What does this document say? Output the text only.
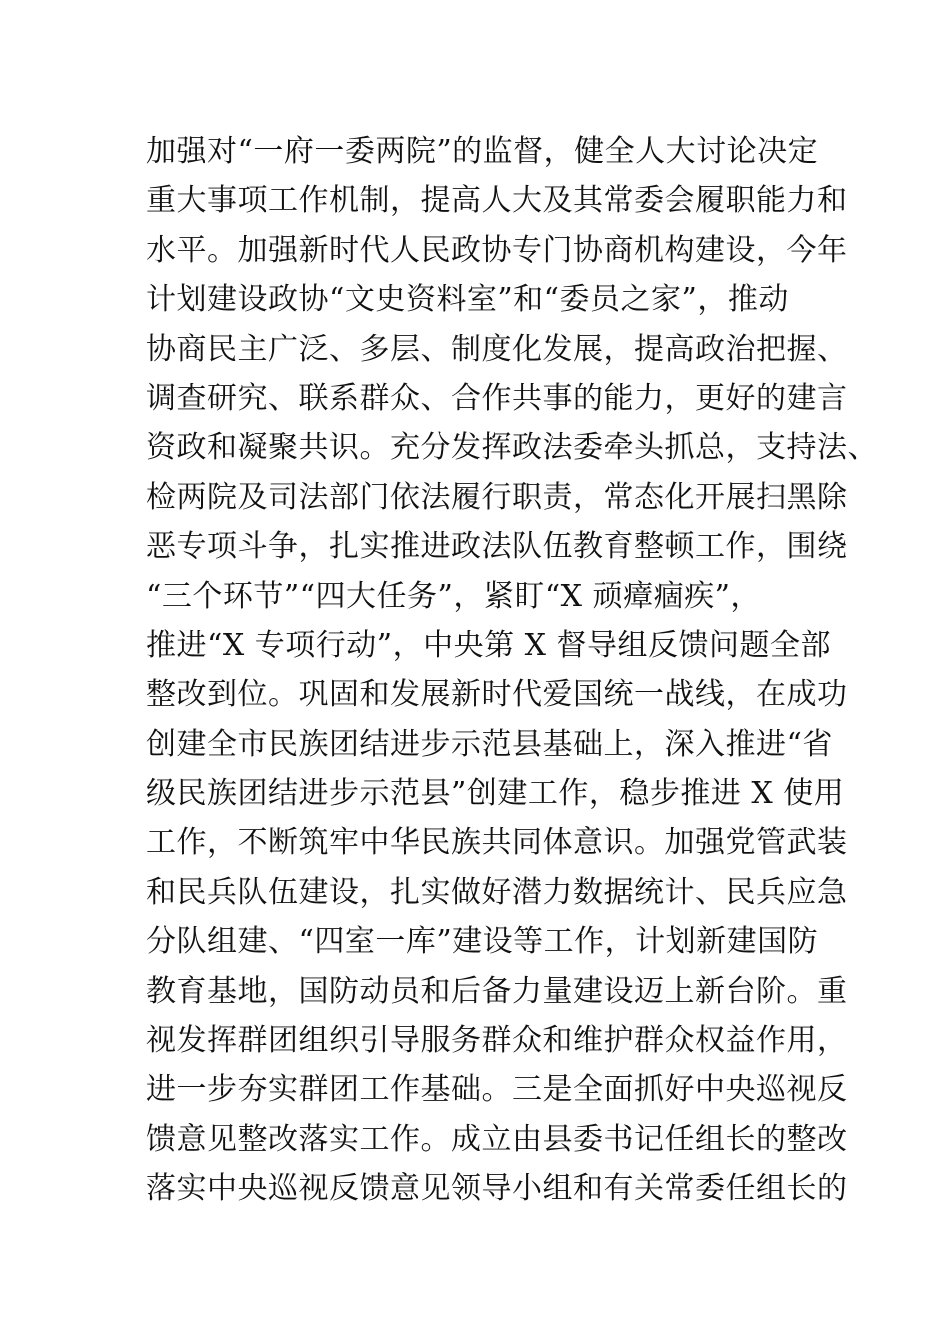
加强对“一府一委两院”的监督，健全人大讨论决定
重大事项工作机制，提高人大及其常委会履职能力和
水平。加强新时代人民政协专门协商机构建设，今年
计划建设政协“文史资料室”和“委员之家”，推动
协商民主广泛、多层、制度化发展，提高政治把握、
调查研究、联系群众、合作共事的能力，更好的建言
资政和凝聚共识。充分发挥政法委牵头抓总，支持法、
检两院及司法部门依法履行职责，常态化开展扫黑除
恶专项斗争，扎实推进政法队伍教育整顿工作，围绕
“三个环节”“四大任务”，紧盯“X 顽瘴痼疾”，
推进“X 专项行动”，中央第 X 督导组反馈问题全部
整改到位。巩固和发展新时代爱国统一战线，在成功
创建全市民族团结进步示范县基础上，深入推进“省
级民族团结进步示范县”创建工作，稳步推进 X 使用
工作，不断筑牢中华民族共同体意识。加强党管武装
和民兵队伍建设，扎实做好潜力数据统计、民兵应急
分队组建、“四室一库”建设等工作，计划新建国防
教育基地，国防动员和后备力量建设迈上新台阶。重
视发挥群团组织引导服务群众和维护群众权益作用，
进一步夯实群团工作基础。三是全面抓好中央巡视反
馈意见整改落实工作。成立由县委书记任组长的整改
落实中央巡视反馈意见领导小组和有关常委任组长的
